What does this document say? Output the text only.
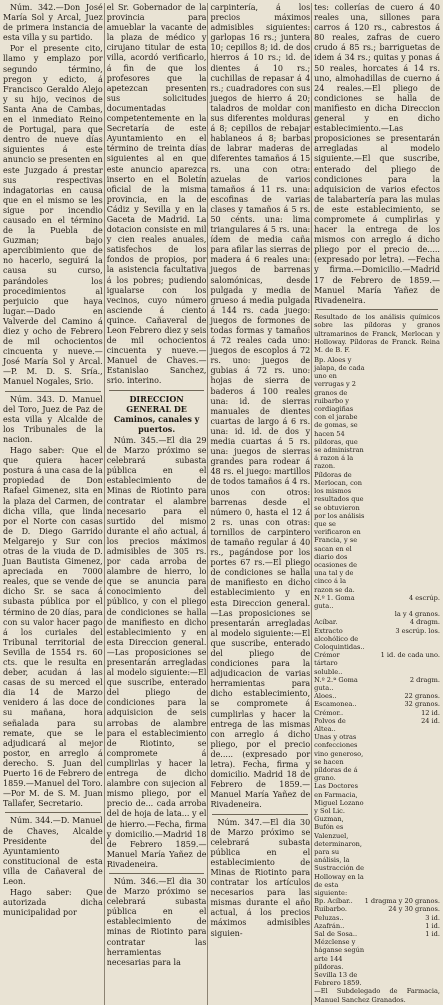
Núm. 342.—Don José María Sol y Arcal, Juez de primera instancia de esta villa y su partido.

Por el presente cito, llamo y emplazo por segundo término, pregon y edicto, á Francisco Geraldo Alejo y su hijo, vecinos de Santa Ana de Cambas, en el inmediato Reino de Portugal, para que dentro de nueve días siguientes á este anuncio se presenten en este Juzgado á prestar sus respectivas indagatorias en causa que en el mismo se les sigue por incendio causado en el término de la Puebla de Guzman; bajo apercibimiento que de no hacerlo, seguirá la causa su curso, parándoles los procedimientos al perjuicio que haya lugar.—Dado en Valverde del Camino á diez y ocho de Febrero de mil ochocientos cincuenta y nueve.—José María Sol y Arcal.—P. M. D. S. Sría., Manuel Nogales, Srio.

Núm. 343. D. Manuel del Toro, Juez de Paz de esta villa y Alcalde de los Tribunales de la nacion.

Hago saber: Que el que quiera hacer postura á una casa de la propiedad de Don Rafael Gimenez, sita en la plaza del Carmen, de dicha villa, que linda por el Norte con casas de D. Diego Garrido Melgarejo y Sur con otras de la viuda de D. Juan Bautista Gimenez, apreciada en 7000 reales, que se vende de dicho Sr. se saca á subasta pública por el término de 20 días, para con su valor hacer pago á los curiales del Tribunal territorial de Sevilla de 1554 rs. 60 cts. que le resulta en deber, acudan á las casas de su merced el dia 14 de Marzo venidero á las doce de su mañana, hora señalada para su remate, que se le adjudicará al mejor postor, en arreglo á derecho. S. Juan del Puerto 16 de Febrero de 1859.—Manuel del Toro.—Por M. de S. M. Juan Tallafer, Secretario.

Núm. 344.—D. Manuel de Chaves, Alcalde Presidente del Ayuntamiento constitucional de esta villa de Cañaveral de Leon.

Hago saber: Que autorizada dicha municipalidad por

el Sr. Gobernador de la provincia para amueblar la vacante de la plaza de médico y cirujano titular de esta villa, acordó verificarlo, á fin de que los profesores que la apetezcan presenten sus solicitudes documentadas competentemente en la Secretaría de este Ayuntamiento en el término de treinta días siguientes al en que este anuncio aparezca inserto en el Boletín oficial de la misma provincia, en la de Cádiz y Sevilla y en la Gaceta de Madrid. La dotacion consiste en mil y cien reales anuales, satisfechos de los fondos de propios, por la asistencia facultativa á los pobres; pudiendo igualarse con los vecinos, cuyo número asciende á ciento quince. Cañaveral de Leon Febrero diez y seis de mil ochocientos cincuenta y nueve.—Manuel de Chaves.—Estanislao Sanchez, srio. interino.

DIRECCION GENERAL DE Caminos, canales y puertos.

Núm. 345.—El dia 29 de Marzo próximo se celebrará subasta pública en el establecimiento de Minas de Riotinto para contratar el alambre necesario para el surtido del mismo durante el año actual, á los precios máximos admisibles de 305 rs. por cada arroba de alambre de hierro, lo que se anuncia para conocimiento del público, y con el pliego de condiciones se halla de manifiesto en dicho establecimiento y en esta Direccion general.—Las proposiciones se presentarán arregladas al modelo siguiente:—El que suscribe, enterado del pliego de condiciones para la adquisicion de seis arrobas de alambre para el establecimiento de Riotinto, se compromete á cumplirlas y hacer la entrega de dicho alambre con sujecion al mismo pliego, por el precio de... cada arroba del de hoja de lata... y el de hierro.—Fecha, firma y domicilio.—Madrid 18 de Febrero 1859.—Manuel María Yañez de Rivadeneira.

Núm. 346.—El dia 30 de Marzo próximo se celebrará subasta pública en el establecimiento de minas de Riotinto para contratar las herramientas necesarias para la

carpintería, á los precios máximos admisibles siguientes: garlopas 16 rs.; juntera 10; cepillos 8; id. de dos hierros á 10 rs.; id. de dientes á 10 rs.; cuchillas de repasar á 4 rs.; cuadradores con sus juegos de hierro á 20; taladros de moldar con sus diferentes molduras á 8; cepillos de rebajar hablaneos á 8; barbas de labrar maderas de diferentes tamaños á 15 rs. una con otra: azuelas de varios tamaños á 11 rs. una: escofinas de varias clases y tamaños á 5 rs. 50 cénts. una: lima triangulares á 5 rs. una: ídem de media caña para afilar las sierras de madera á 6 reales una: juegos de barrenas salomónicas, desde pulgada y media de grueso á media pulgada á 144 rs. cada juego: juegos de formones de todas formas y tamaños á 72 reales cada uno: juegos de escoplos á 72 rs. uno: juegos de gubias á 72 rs. uno: hojas de sierra de baderos á 100 reales una: id. de sierras manuales de dientes cuartas de largo á 6 rs. una: id. id. de dos y media cuartas á 5 rs. una: juegos de sierras grandes para rodear á 48 rs. el juego: martillos de todos tamaños á 4 rs. unos con otros: barrenas desde el número 0, hasta el 12 á 2 rs. unas con otras: tornillos de carpintero de tamaño regular á 40 rs., pagándose por los portes 67 rs.—El pliego de condiciones se halla de manifiesto en dicho establecimiento y en esta Direccion general.—Las proposiciones se presentarán arregladas al modelo siguiente:—El que suscribe, enterado del pliego de condiciones para la adjudicacion de varias herramientas para dicho establecimiento, se compromete á cumplirlas y hacer la entrega de las mismas con arreglo á dicho pliego, por el precio de..... (expresado por letra). Fecha, firma y domicilio. Madrid 18 de Febrero de 1859.—Manuel María Yañez de Rivadeneira.

Núm. 347.—El dia 30 de Marzo próximo se celebrará subasta pública en el establecimiento de Minas de Riotinto para contratar los artículos necesarios para las mismas durante el año actual, á los precios máximos admisibles siguien-

tes: collerías de cuero á 40 reales una, sillones para carros á 120 rs., cabrestos á 80 reales, zafras de cuero crudo á 85 rs.; barriguetas de idem á 34 rs.; quitas y ponas á 50 reales, horcates á 14 rs. uno, almohadillas de cuerno á 24 reales.—El pliego de condiciones se halla de manifiesto en dicha Direccion general y en dicho establecimiento.—Las proposiciones se presentarán arregladas al modelo siguiente.—El que suscribe, enterado del pliego de condiciones para la adquisicion de varios efectos de talabartería para las mulas de este establecimiento, se compromete á cumplirlas y hacer la entrega de los mismos con arreglo á dicho pliego por el precio de..... (expresado por letra). —Fecha y firma.—Domicilio.—Madrid 17 de Febrero de 1859.—Manuel María Yañez de Rivadeneira.

Resultado de los análisis químicos sobre las píldoras y granos ultramarinos de Franck, Merlocan y Holloway. Píldoras de Franck. Reina M. de B. F.

Bp. Aloes y jalapa, de cada uno en verrugas y 2 granos de ruibarbo y cordiagiñas con el jarabe de gomas, se hacen 54 píldoras, que se administran á razon á la razon.	
Píldoras de Merlocan, con los mismos resultados que se obtuvieron por los análisis que se verificaron en Francia, y se sacan en el diario dos ocasiones de una tal y de cinco á la razon se da.	
N.º 1. Goma guta..	4 escrúp.
	la y 4 granos.
Acíbar.	4 dragm.
Extracto alcohólico de Coloquintidas..	3 escrúp. los.
Crémor tártaro soluble..	1 id. de cada uno.
N.º 2.ª Goma guta..	2 dragm.
Aloes..	22 granos.
Escamonea..	32 granos.
Crémor..	12 id.
Polvos de Altea..	24 id.
Unas y otras confecciones vino generoso, se hacen píldoras de á grano.	
Las Doctores en Farmacia, Miguel Lozano y Sol Lic. Guzman, Bufón es Valenzuel, determinaron, para su análisis, la Sustracción de Holloway en la de esta siguiente:	
Bp. Acíbar..	1 dragma y 20 granos.
Ruibarbo.	24 y 30 granos.
Peluzas..	3 id.
Azafrán..	1 id.
Sal de Sosa..	1 id.
Mézclense y háganse según arte 144 píldoras. Sevilla 13 de Febrero 1859.	

—El Subdelegado de Farmacia, Manuel Sanchez Granados.
